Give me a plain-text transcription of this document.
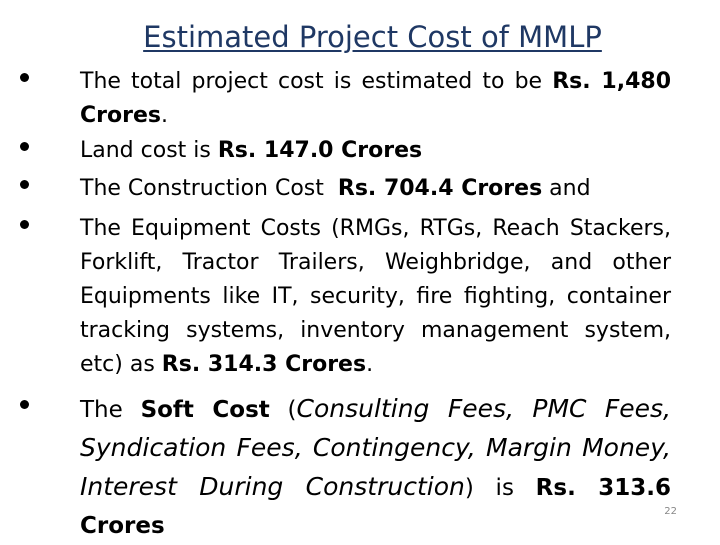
Estimated Project Cost of MMLP
The total project cost is estimated to be Rs. 1,480 Crores.
Land cost is Rs. 147.0 Crores
The Construction Cost  Rs. 704.4 Crores and
The Equipment Costs (RMGs, RTGs, Reach Stackers, Forklift, Tractor Trailers, Weighbridge, and other Equipments like IT, security, fire fighting, container tracking systems, inventory management system, etc) as Rs. 314.3 Crores.
The Soft Cost (Consulting Fees, PMC Fees, Syndication Fees, Contingency, Margin Money, Interest During Construction) is Rs. 313.6 Crores
22
